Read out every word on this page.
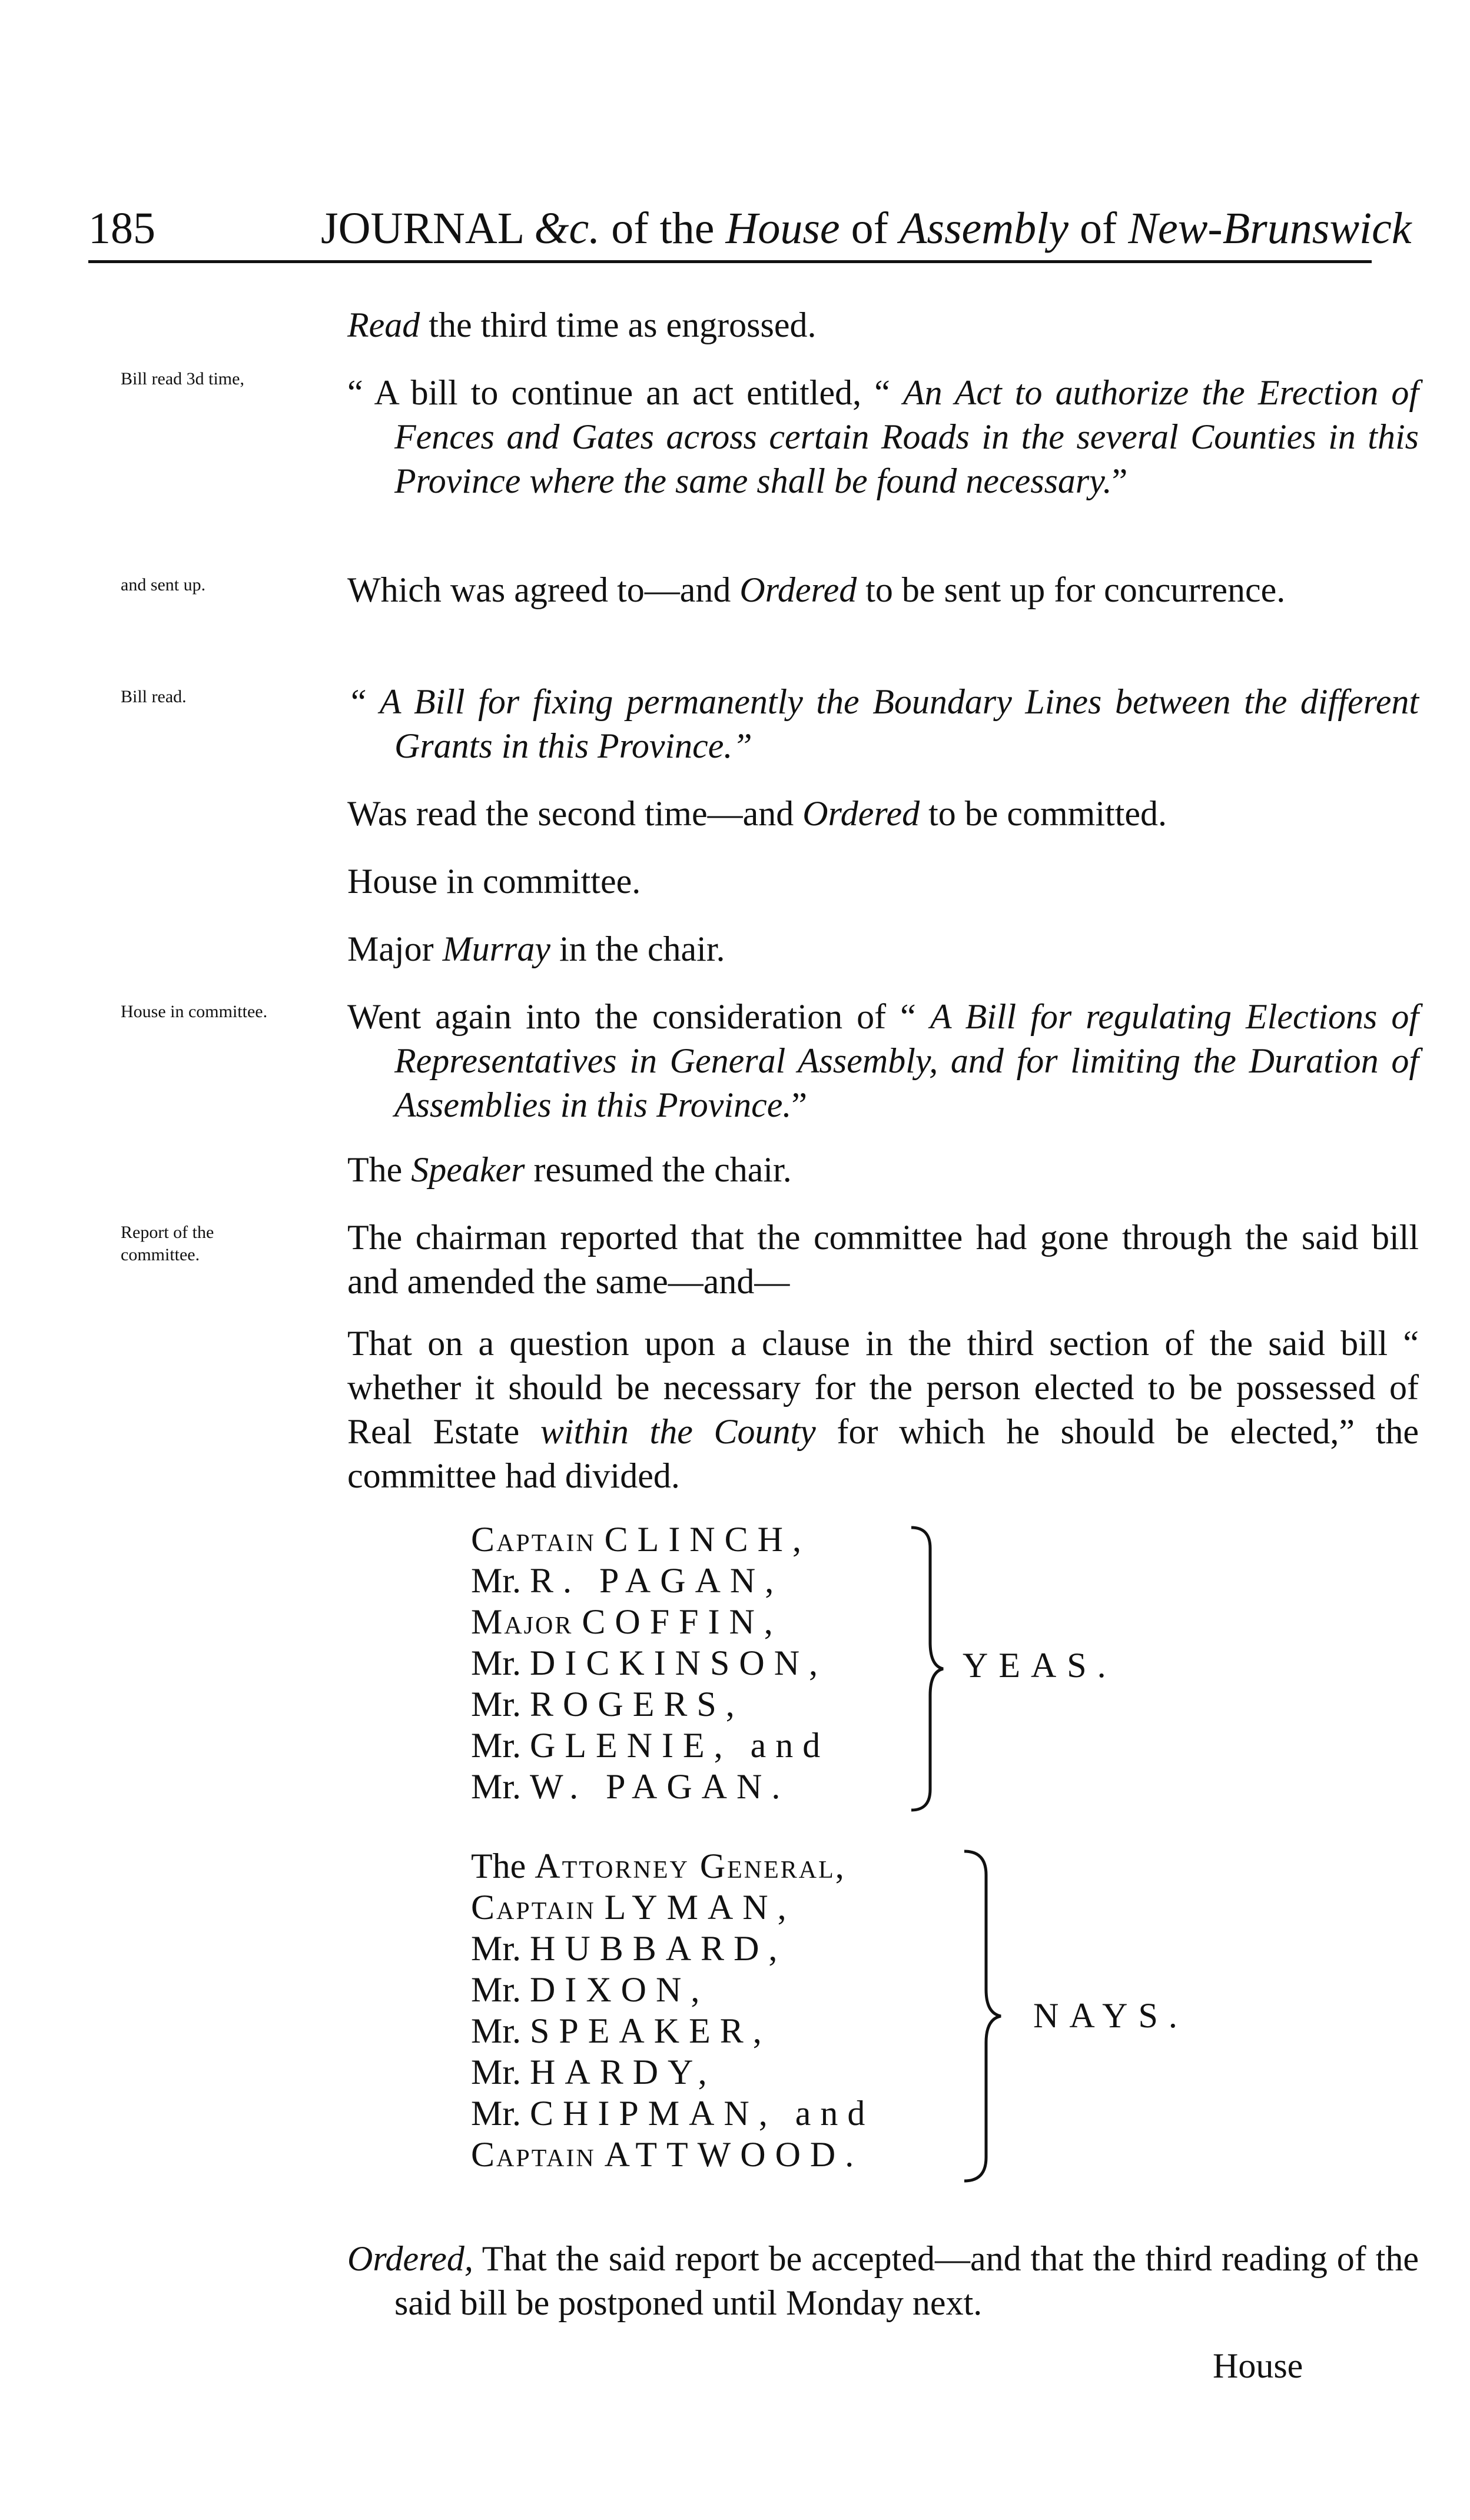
185	JOURNAL &c. of the House of Assembly of New-Brunswick
Bill read 3d time,
and sent up.
Bill read.
House in committee.
Report of the committee.
Read the third time as engrossed.
“ A bill to continue an act entitled, “ An Act to authorize the Erection of Fences and Gates across certain Roads in the several Counties in this Province where the same shall be found necessary.”
Which was agreed to—and Ordered to be sent up for concurrence.
“ A Bill for fixing permanently the Boundary Lines between the different Grants in this Province.”
Was read the second time—and Ordered to be committed.
House in committee.
Major Murray in the chair.
Went again into the consideration of “ A Bill for regulating Elections of Representatives in General Assembly, and for limiting the Duration of Assemblies in this Province.”
The Speaker resumed the chair.
The chairman reported that the committee had gone through the said bill and amended the same—and—
That on a question upon a clause in the third section of the said bill “ whether it should be necessary for the person elected to be possessed of Real Estate within the County for which he should be elected,” the committee had divided.
Captain CLINCH,
Mr. R. PAGAN,
Major COFFIN,
Mr. DICKINSON,
Mr. ROGERS,
Mr. GLENIE, and
Mr. W. PAGAN.
YEAS.
The Attorney General,
Captain LYMAN,
Mr. HUBBARD,
Mr. DIXON,
Mr. SPEAKER,
Mr. HARDY,
Mr. CHIPMAN, and
Captain ATTWOOD.
NAYS.
Ordered, That the said report be accepted—and that the third reading of the said bill be postponed until Monday next.
House
